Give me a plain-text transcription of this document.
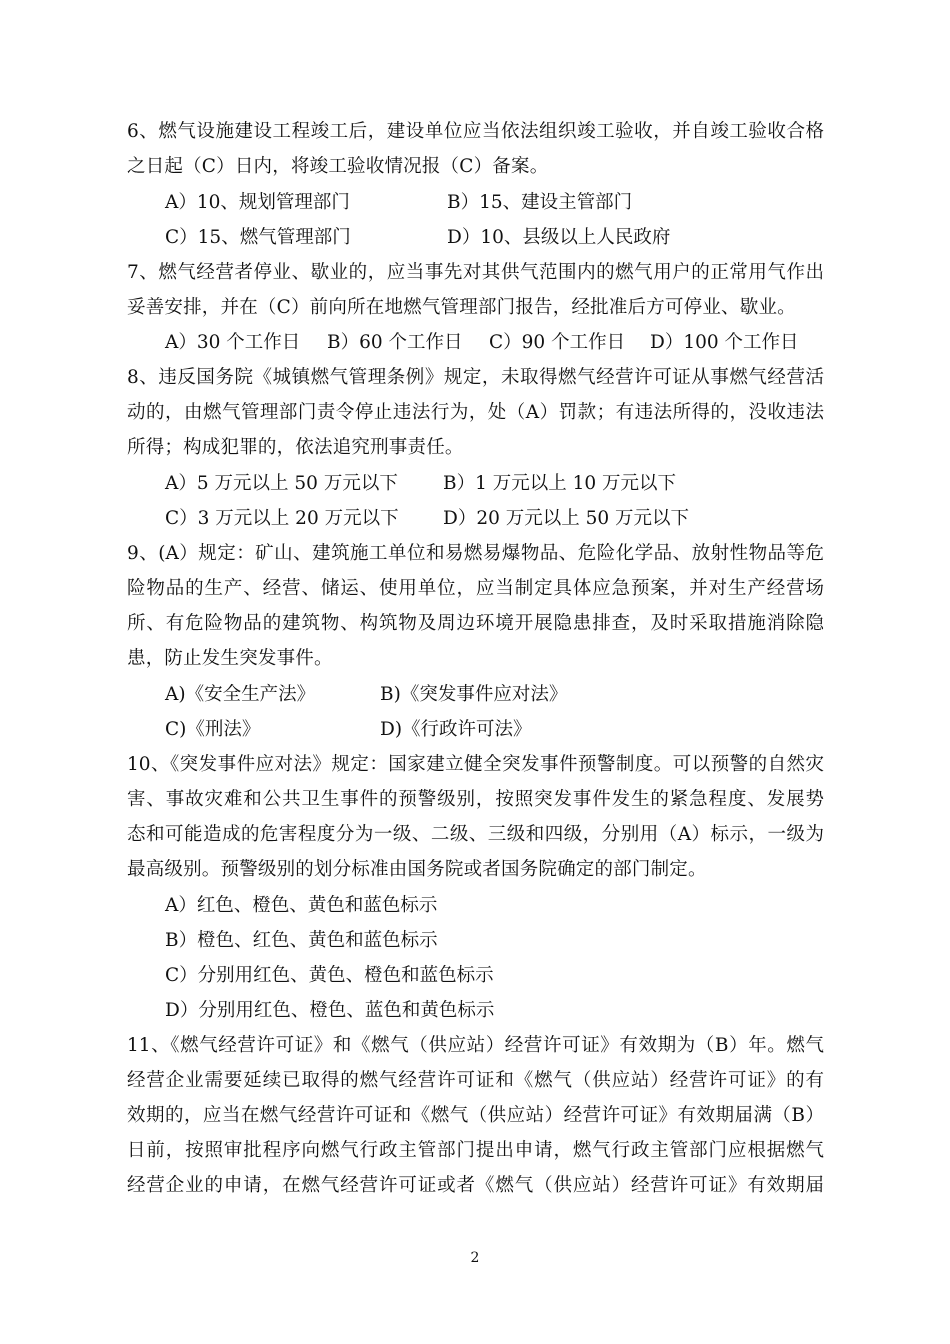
6、燃气设施建设工程竣工后，建设单位应当依法组织竣工验收，并自竣工验收合格
之日起（C）日内，将竣工验收情况报（C）备案。
A）10、规划管理部门	B）15、建设主管部门
C）15、燃气管理部门	D）10、县级以上人民政府
7、燃气经营者停业、歇业的，应当事先对其供气范围内的燃气用户的正常用气作出
妥善安排，并在（C）前向所在地燃气管理部门报告，经批准后方可停业、歇业。
A）30 个工作日 B）60 个工作日 C）90 个工作日 D）100 个工作日
8、违反国务院《城镇燃气管理条例》规定，未取得燃气经营许可证从事燃气经营活
动的，由燃气管理部门责令停止违法行为，处（A）罚款；有违法所得的，没收违法
所得；构成犯罪的，依法追究刑事责任。
A）5 万元以上 50 万元以下 B）1 万元以上 10 万元以下
C）3 万元以上 20 万元以下 D）20 万元以上 50 万元以下
9、(A）规定：矿山、建筑施工单位和易燃易爆物品、危险化学品、放射性物品等危
险物品的生产、经营、储运、使用单位，应当制定具体应急预案，并对生产经营场
所、有危险物品的建筑物、构筑物及周边环境开展隐患排查，及时采取措施消除隐
患，防止发生突发事件。
A)《安全生产法》	B)《突发事件应对法》
C)《刑法》	D)《行政许可法》
10、《突发事件应对法》规定：国家建立健全突发事件预警制度。可以预警的自然灾
害、事故灾难和公共卫生事件的预警级别，按照突发事件发生的紧急程度、发展势
态和可能造成的危害程度分为一级、二级、三级和四级，分别用（A）标示，一级为
最高级别。预警级别的划分标准由国务院或者国务院确定的部门制定。
A）红色、橙色、黄色和蓝色标示
B）橙色、红色、黄色和蓝色标示
C）分别用红色、黄色、橙色和蓝色标示
D）分别用红色、橙色、蓝色和黄色标示
11、《燃气经营许可证》和《燃气（供应站）经营许可证》有效期为（B）年。燃气
经营企业需要延续已取得的燃气经营许可证和《燃气（供应站）经营许可证》的有
效期的，应当在燃气经营许可证和《燃气（供应站）经营许可证》有效期届满（B）
日前，按照审批程序向燃气行政主管部门提出申请，燃气行政主管部门应根据燃气
经营企业的申请，在燃气经营许可证或者《燃气（供应站）经营许可证》有效期届
2
